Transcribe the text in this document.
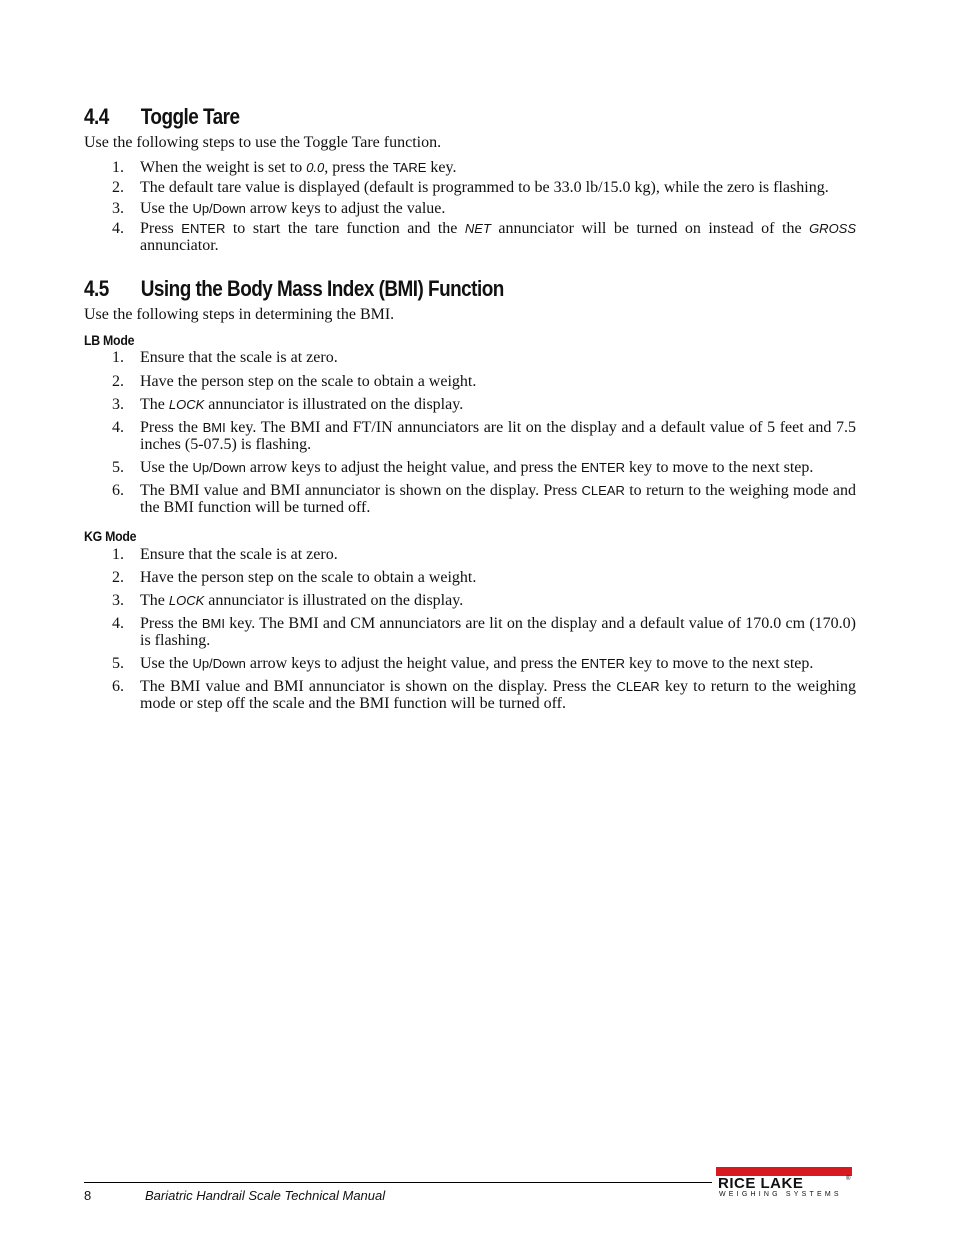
4.4 Toggle Tare

Use the following steps to use the Toggle Tare function.

1. When the weight is set to 0.0, press the TARE key.
2. The default tare value is displayed (default is programmed to be 33.0 lb/15.0 kg), while the zero is flashing.
3. Use the Up/Down arrow keys to adjust the value.
4. Press ENTER to start the tare function and the NET annunciator will be turned on instead of the GROSS annunciator.
4.5 Using the Body Mass Index (BMI) Function

Use the following steps in determining the BMI.

LB Mode

1. Ensure that the scale is at zero.
2. Have the person step on the scale to obtain a weight.
3. The LOCK annunciator is illustrated on the display.
4. Press the BMI key. The BMI and FT/IN annunciators are lit on the display and a default value of 5 feet and 7.5 inches (5-07.5) is flashing.
5. Use the Up/Down arrow keys to adjust the height value, and press the ENTER key to move to the next step.
6. The BMI value and BMI annunciator is shown on the display. Press CLEAR to return to the weighing mode and the BMI function will be turned off.

KG Mode

1. Ensure that the scale is at zero.
2. Have the person step on the scale to obtain a weight.
3. The LOCK annunciator is illustrated on the display.
4. Press the BMI key. The BMI and CM annunciators are lit on the display and a default value of 170.0 cm (170.0) is flashing.
5. Use the Up/Down arrow keys to adjust the height value, and press the ENTER key to move to the next step.
6. The BMI value and BMI annunciator is shown on the display. Press the CLEAR key to return to the weighing mode or step off the scale and the BMI function will be turned off.
8	Bariatric Handrail Scale Technical Manual
RICE LAKE	®
WEIGHING SYSTEMS
